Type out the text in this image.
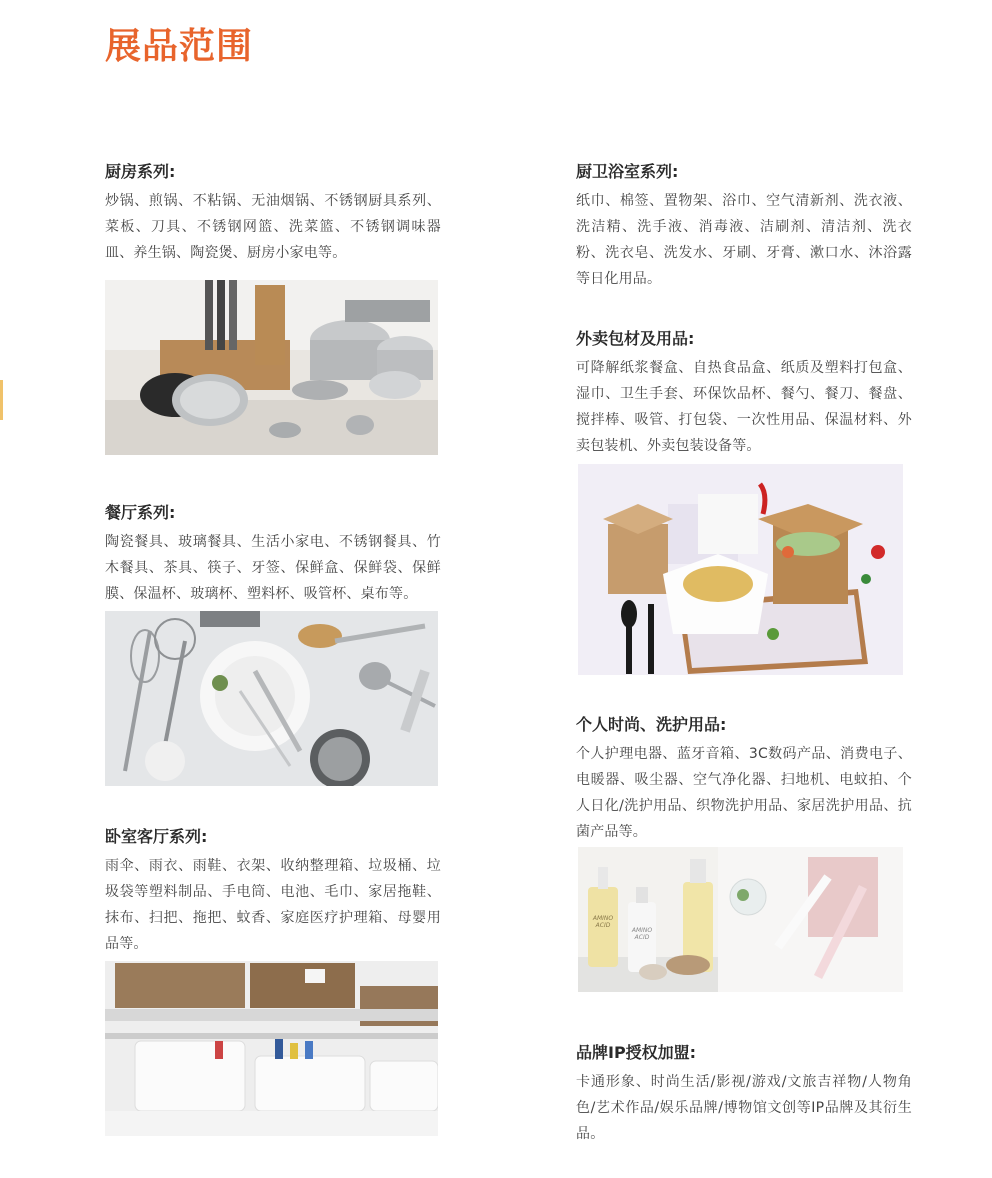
展品范围
厨房系列:

炒锅、煎锅、不粘锅、无油烟锅、不锈钢厨具系列、菜板、刀具、不锈钢网篮、洗菜篮、不锈钢调味器皿、养生锅、陶瓷煲、厨房小家电等。

餐厅系列:

陶瓷餐具、玻璃餐具、生活小家电、不锈钢餐具、竹木餐具、茶具、筷子、牙签、保鲜盒、保鲜袋、保鲜膜、保温杯、玻璃杯、塑料杯、吸管杯、桌布等。

卧室客厅系列:

雨伞、雨衣、雨鞋、衣架、收纳整理箱、垃圾桶、垃圾袋等塑料制品、手电筒、电池、毛巾、家居拖鞋、抹布、扫把、拖把、蚊香、家庭医疗护理箱、母婴用品等。

厨卫浴室系列:

纸巾、棉签、置物架、浴巾、空气清新剂、洗衣液、洗洁精、洗手液、消毒液、洁刷剂、清洁剂、洗衣粉、洗衣皂、洗发水、牙刷、牙膏、漱口水、沐浴露等日化用品。

外卖包材及用品:

可降解纸浆餐盒、自热食品盒、纸质及塑料打包盒、湿巾、卫生手套、环保饮品杯、餐勺、餐刀、餐盘、搅拌棒、吸管、打包袋、一次性用品、保温材料、外卖包装机、外卖包装设备等。

个人时尚、洗护用品:

个人护理电器、蓝牙音箱、3C数码产品、消费电子、电暖器、吸尘器、空气净化器、扫地机、电蚊拍、个人日化/洗护用品、织物洗护用品、家居洗护用品、抗菌产品等。

AMINO ACID
AMINO ACID
品牌IP授权加盟:

卡通形象、时尚生活/影视/游戏/文旅吉祥物/人物角色/艺术作品/娱乐品牌/博物馆文创等IP品牌及其衍生品。
